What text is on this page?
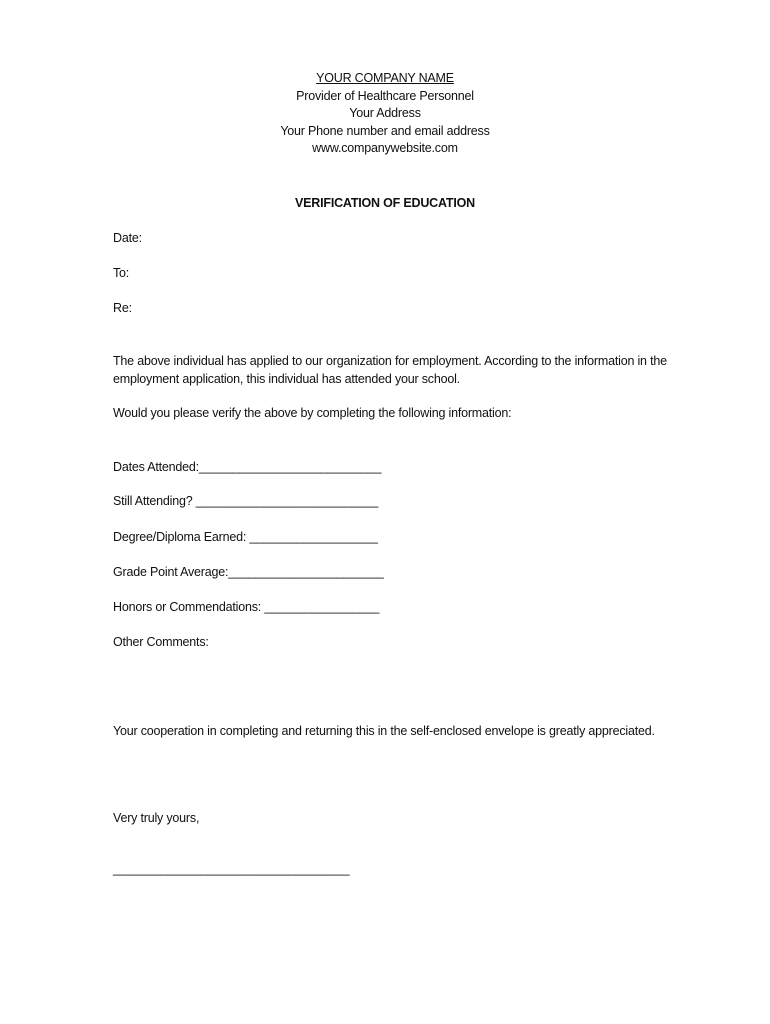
YOUR COMPANY NAME
Provider of Healthcare Personnel
Your Address
Your Phone number and email address
www.companywebsite.com
VERIFICATION OF EDUCATION
Date:
To:
Re:
The above individual has applied to our organization for employment. According to the information in the employment application, this individual has attended your school.
Would you please verify the above by completing the following information:
Dates Attended:___________________________
Still Attending? ___________________________
Degree/Diploma Earned: ___________________
Grade Point Average:_______________________
Honors or Commendations: _________________
Other Comments:
Your cooperation in completing and returning this in the self-enclosed envelope is greatly appreciated.
Very truly yours,
___________________________________
